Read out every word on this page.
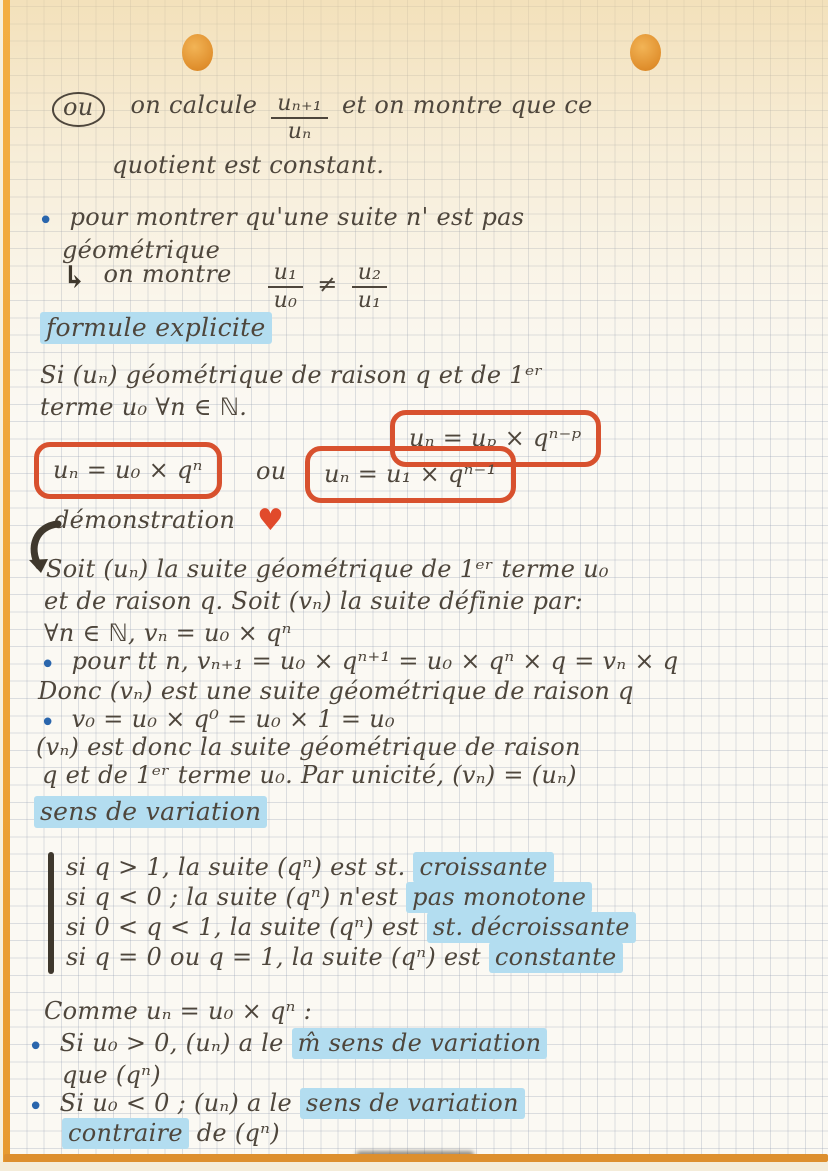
ou	on calcule $\frac{\text{uₙ₊₁}}{\text{uₙ}}$ et on montre que ce
quotient est constant.
• pour montrer qu'une suite n' est pas
géométrique
↳ on montre $\frac{\text{u₁}}{\text{u₀}} \ne \frac{\text{u₂}}{\text{u₁}}$
formule explicite
Si (uₙ) géométrique de raison q et de 1ᵉʳ
terme u₀ ∀n ∈ ℕ.
uₙ = uₚ × qⁿ⁻ᵖ
uₙ = u₀ × qⁿ	ou	uₙ = u₁ × qⁿ⁻¹
démonstration ♥
Soit (uₙ) la suite géométrique de 1ᵉʳ terme u₀
et de raison q. Soit (vₙ) la suite définie par:
∀n ∈ ℕ, vₙ = u₀ × qⁿ
• pour tt n, vₙ₊₁ = u₀ × qⁿ⁺¹ = u₀ × qⁿ × q = vₙ × q
Donc (vₙ) est une suite géométrique de raison q
• v₀ = u₀ × q⁰ = u₀ × 1 = u₀
(vₙ) est donc la suite géométrique de raison
q et de 1ᵉʳ terme u₀. Par unicité, (vₙ) = (uₙ)
sens de variation
si q > 1, la suite (qⁿ) est st. croissante
si q < 0 ; la suite (qⁿ) n'est pas monotone
si 0 < q < 1, la suite (qⁿ) est st. décroissante
si q = 0 ou q = 1, la suite (qⁿ) est constante
Comme uₙ = u₀ × qⁿ :
• Si u₀ > 0, (uₙ) a le m̂ sens de variation
que (qⁿ)
• Si u₀ < 0 ; (uₙ) a le sens de variation
contraire de (qⁿ)
